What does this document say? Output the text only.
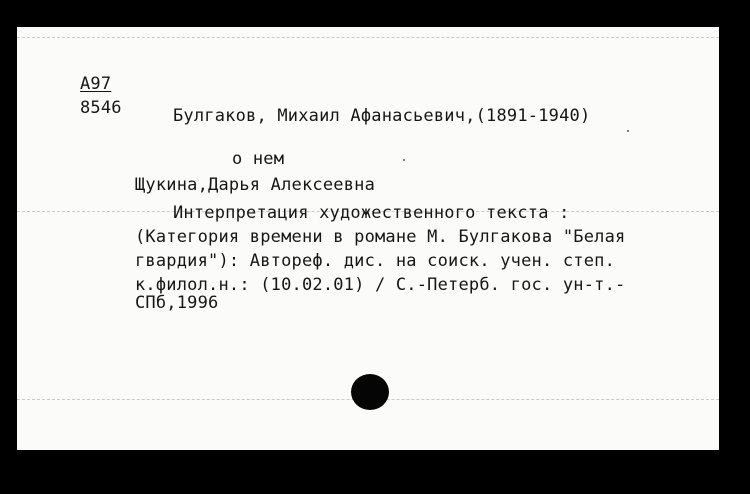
А97
8546	Булгаков, Михаил Афанасьевич,(1891-1940)
о нем
Щукина,Дарья Алексеевна
Интерпретация художественного текста :
(Категория времени в романе М. Булгакова "Белая
гвардия"): Автореф. дис. на соиск. учен. степ.
к.филол.н.: (10.02.01) / С.-Петерб. гос. ун-т.-
СПб,1996
